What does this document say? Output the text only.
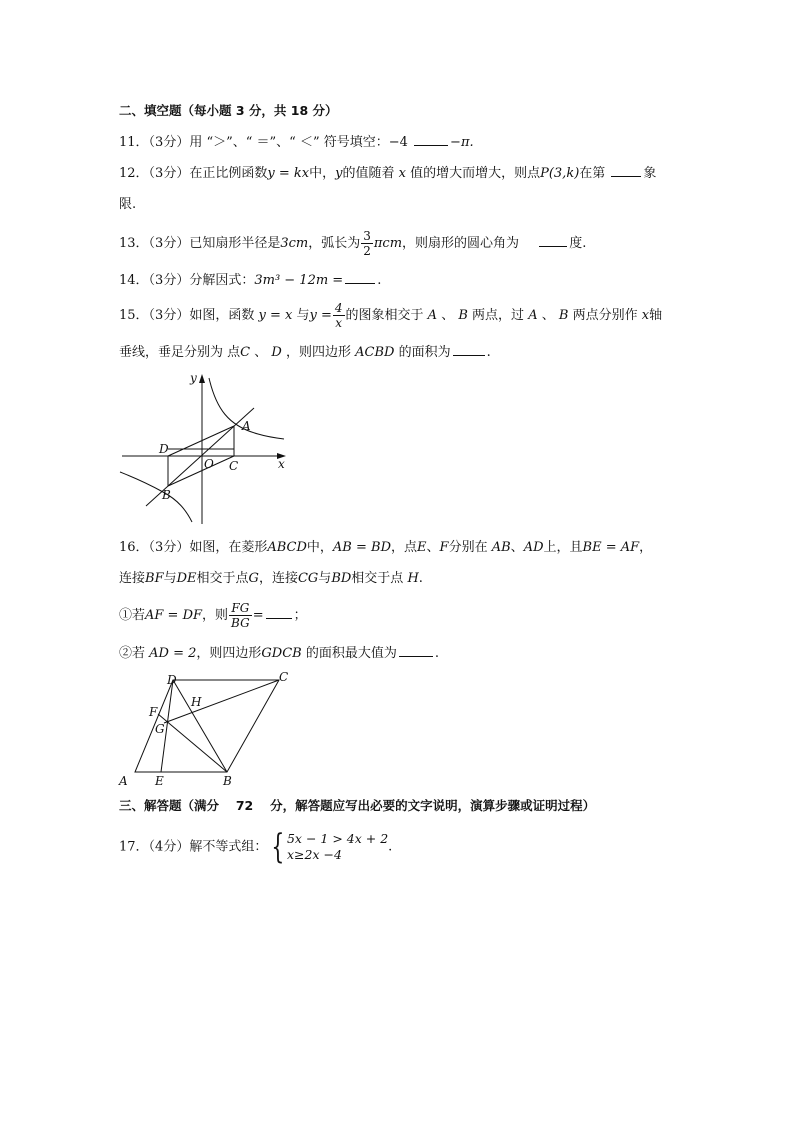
二、填空题（每小题 3 分，共 18 分）
11．（3分）用 “＞”、“ ＝”、“ ＜” 符号填空：−4	−π.
12．（3分）在正比例函数y = kx中，y的值随着 x 值的增大而增大，则点P(3,k)在第	象
限.
13．（3分）已知扇形半径是3cm，弧长为 $\frac{3}{2}$ πcm，则扇形的圆心角为	度.
14．（3分）分解因式：3m³ − 12m =	.
15．（3分）如图，函数 y = x 与$y = \frac{4}{x}$ 的图象相交于 A 、 B 两点，过 A 、 B 两点分别作 x轴
垂线，垂足分别为 点C 、 D ，则四边形 ACBD 的面积为	.
y
x
A
B
C
D
O
16．（3分）如图，在菱形ABCD中，AB = BD，点E、F分别在 AB、AD上，且BE = AF，
连接BF与DE相交于点G，连接CG与BD相交于点 H.
①若AF = DF，则 $\frac{FG}{BG}$ = ；
②若 AD = 2，则四边形GDCB 的面积最大值为	.
A	B
C
D
E
F
G
H
三、解答题（满分　 72　 分，解答题应写出必要的文字说明，演算步骤或证明过程）
17．（4分）解不等式组： { 5x − 1 > 4x + 2
x≥2x −4	.
